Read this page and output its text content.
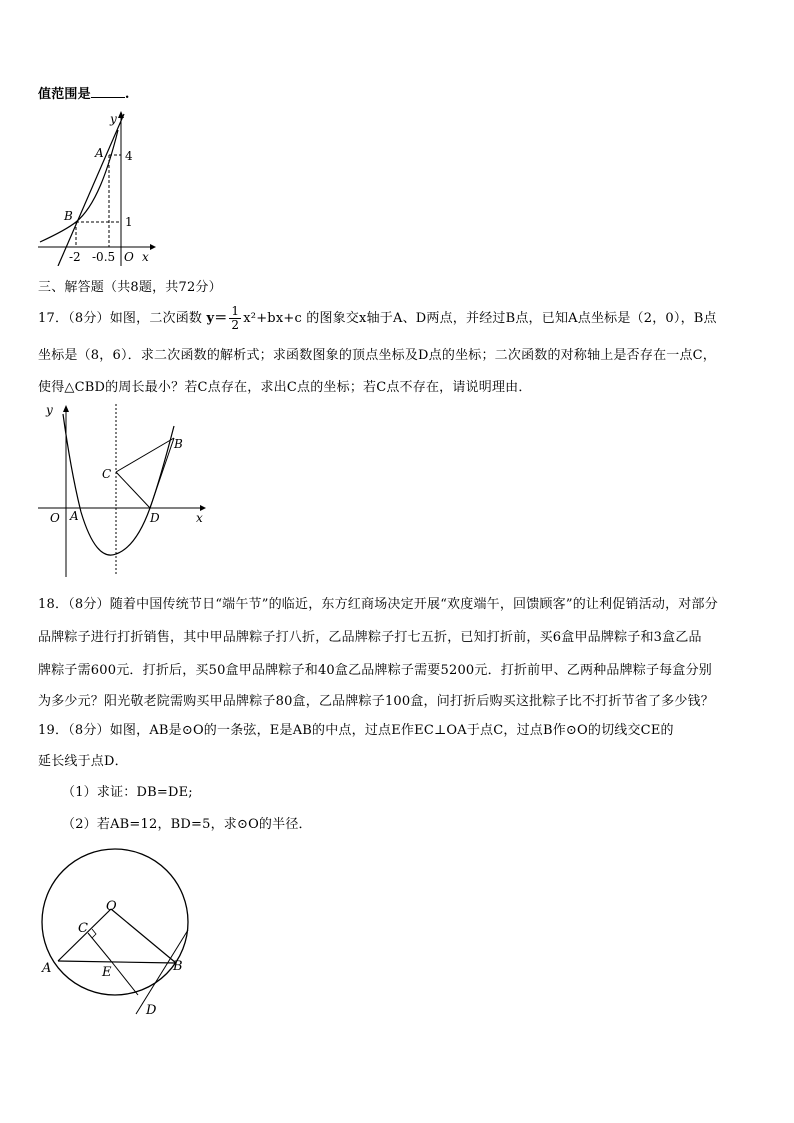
值范围是	.
y
x
O
A
B
4
1
-2 -0.5
三、解答题（共8题，共72分）
17．（8分）如图，二次函数 $y= \frac{1}{2} x^2+bx+c$ 的图象交x轴于A、D两点，并经过B点，已知A点坐标是（2，0），B点
坐标是（8，6）．求二次函数的解析式；求函数图象的顶点坐标及D点的坐标；二次函数的对称轴上是否存在一点C，
使得△CBD的周长最小？若C点存在，求出C点的坐标；若C点不存在，请说明理由．
y
x
O A
C
B
D
18．（8分）随着中国传统节日“端午节”的临近，东方红商场决定开展“欢度端午，回馈顾客”的让利促销活动，对部分
品牌粽子进行打折销售，其中甲品牌粽子打八折，乙品牌粽子打七五折，已知打折前，买6盒甲品牌粽子和3盒乙品
牌粽子需600元．打折后，买50盒甲品牌粽子和40盒乙品牌粽子需要5200元．打折前甲、乙两种品牌粽子每盒分别
为多少元？阳光敬老院需购买甲品牌粽子80盒，乙品牌粽子100盒，问打折后购买这批粽子比不打折节省了多少钱？
19．（8分）如图，AB是⊙O的一条弦，E是AB的中点，过点E作EC⊥OA于点C，过点B作⊙O的切线交CE的
延长线于点D．
（1）求证：DB=DE;
（2）若AB=12，BD=5，求⊙O的半径．
O
C
A	E	B
D
